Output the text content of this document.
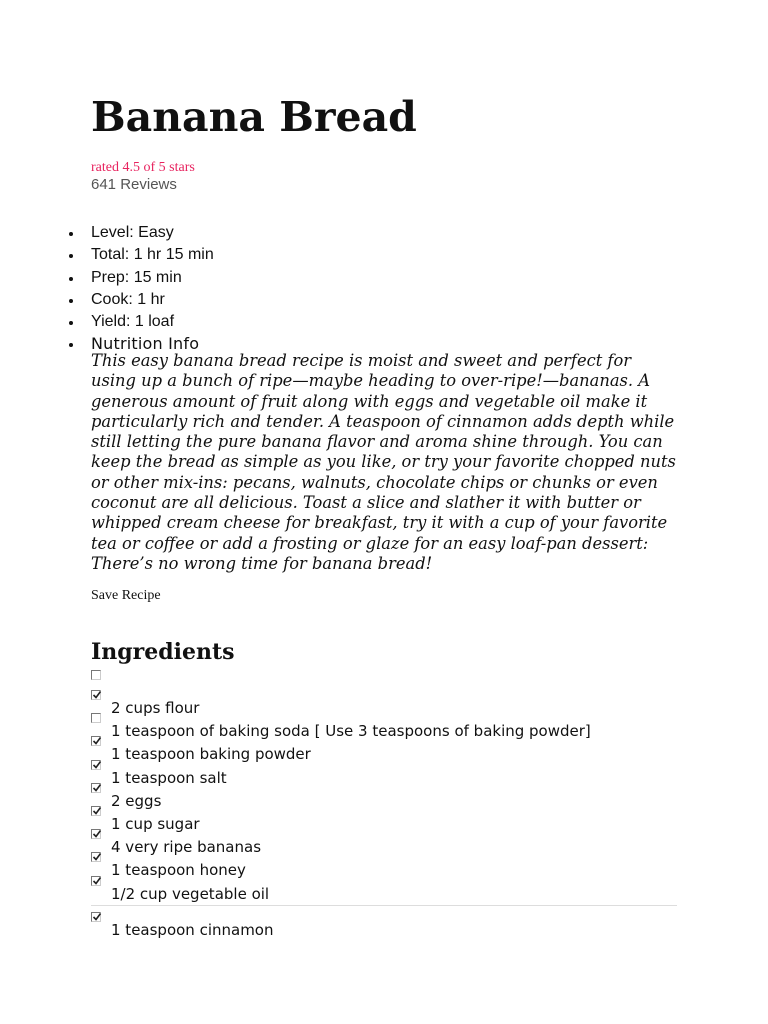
Banana Bread
rated 4.5 of 5 stars
641 Reviews
Level: Easy
Total: 1 hr 15 min
Prep: 15 min
Cook: 1 hr
Yield: 1 loaf
Nutrition Info

This easy banana bread recipe is moist and sweet and perfect for using up a bunch of ripe—maybe heading to over-ripe!—bananas. A generous amount of fruit along with eggs and vegetable oil make it particularly rich and tender. A teaspoon of cinnamon adds depth while still letting the pure banana flavor and aroma shine through. You can keep the bread as simple as you like, or try your favorite chopped nuts or other mix-ins: pecans, walnuts, chocolate chips or chunks or even coconut are all delicious. Toast a slice and slather it with butter or whipped cream cheese for breakfast, try it with a cup of your favorite tea or coffee or add a frosting or glaze for an easy loaf-pan dessert: There’s no wrong time for banana bread!

Save Recipe
Ingredients
2 cups flour
1 teaspoon of baking soda [ Use 3 teaspoons of baking powder]
1 teaspoon baking powder
1 teaspoon salt
2 eggs
1 cup sugar
4 very ripe bananas
1 teaspoon honey
1/2 cup vegetable oil
1 teaspoon cinnamon
